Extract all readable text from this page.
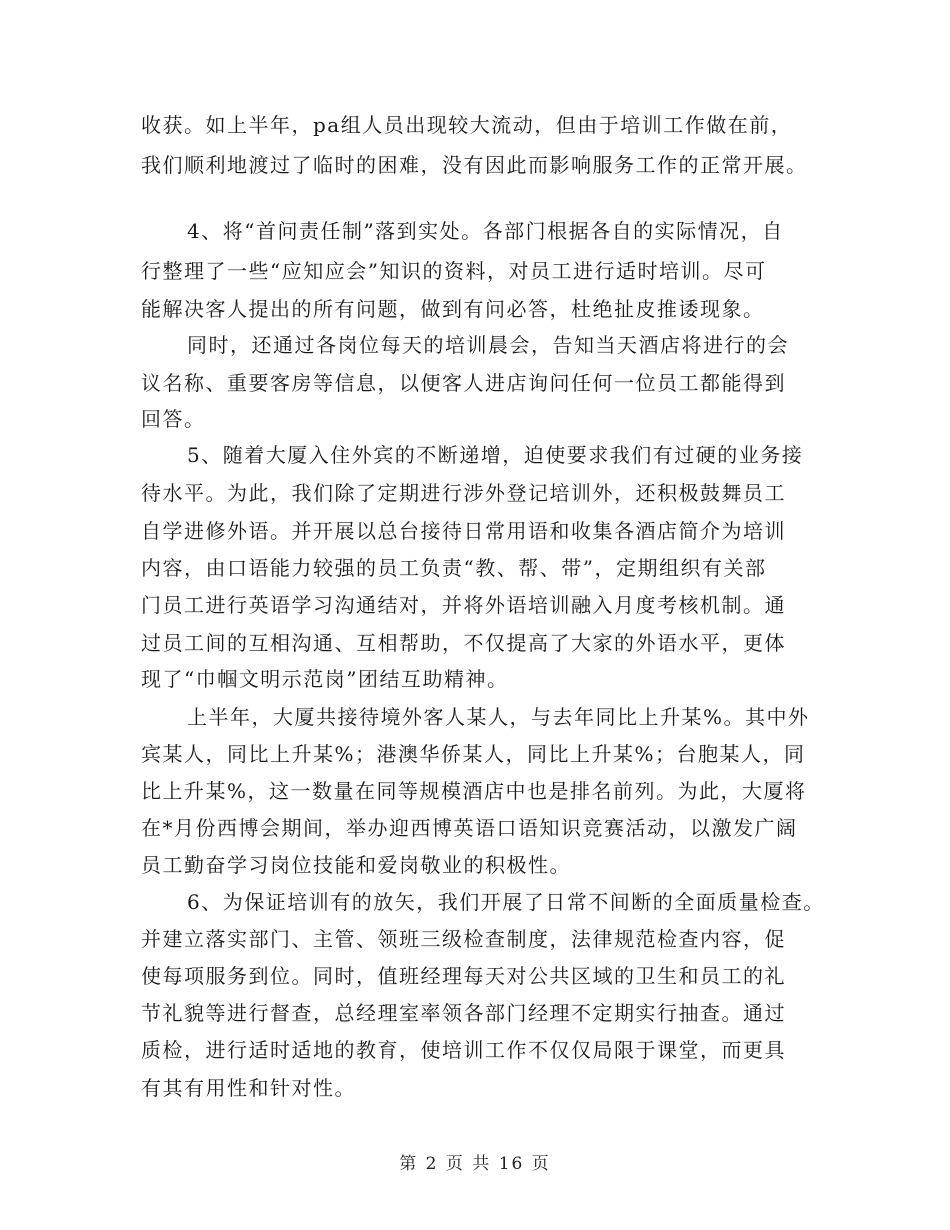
收获。如上半年，pa组人员出现较大流动，但由于培训工作做在前，
我们顺利地渡过了临时的困难，没有因此而影响服务工作的正常开展。
4、将“首问责任制”落到实处。各部门根据各自的实际情况，自
行整理了一些“应知应会”知识的资料，对员工进行适时培训。尽可
能解决客人提出的所有问题，做到有问必答，杜绝扯皮推诿现象。
同时，还通过各岗位每天的培训晨会，告知当天酒店将进行的会
议名称、重要客房等信息，以便客人进店询问任何一位员工都能得到
回答。
5、随着大厦入住外宾的不断递增，迫使要求我们有过硬的业务接
待水平。为此，我们除了定期进行涉外登记培训外，还积极鼓舞员工
自学进修外语。并开展以总台接待日常用语和收集各酒店简介为培训
内容，由口语能力较强的员工负责“教、帮、带”，定期组织有关部
门员工进行英语学习沟通结对，并将外语培训融入月度考核机制。通
过员工间的互相沟通、互相帮助，不仅提高了大家的外语水平，更体
现了“巾帼文明示范岗”团结互助精神。
上半年，大厦共接待境外客人某人，与去年同比上升某%。其中外
宾某人，同比上升某%；港澳华侨某人，同比上升某%；台胞某人，同
比上升某%，这一数量在同等规模酒店中也是排名前列。为此，大厦将
在*月份西博会期间，举办迎西博英语口语知识竞赛活动，以激发广阔
员工勤奋学习岗位技能和爱岗敬业的积极性。
6、为保证培训有的放矢，我们开展了日常不间断的全面质量检查。
并建立落实部门、主管、领班三级检查制度，法律规范检查内容，促
使每项服务到位。同时，值班经理每天对公共区域的卫生和员工的礼
节礼貌等进行督查，总经理室率领各部门经理不定期实行抽查。通过
质检，进行适时适地的教育，使培训工作不仅仅局限于课堂，而更具
有其有用性和针对性。
第 2 页 共 16 页
